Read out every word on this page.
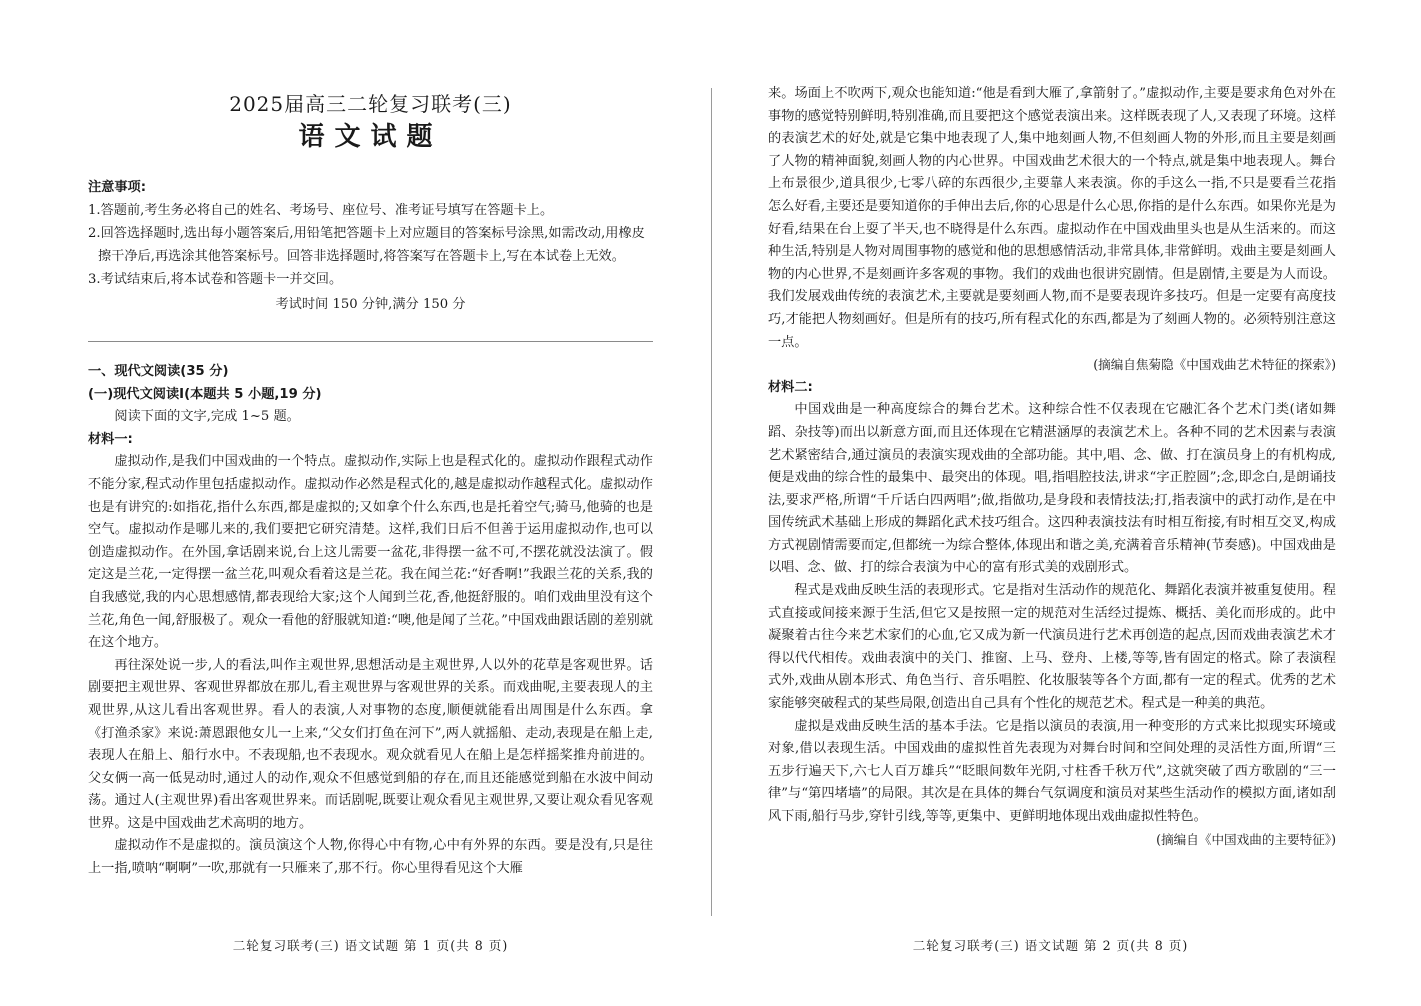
2025届高三二轮复习联考(三)
语文试题
注意事项:
1.答题前,考生务必将自己的姓名、考场号、座位号、准考证号填写在答题卡上。
2.回答选择题时,选出每小题答案后,用铅笔把答题卡上对应题目的答案标号涂黑,如需改动,用橡皮擦干净后,再选涂其他答案标号。回答非选择题时,将答案写在答题卡上,写在本试卷上无效。
3.考试结束后,将本试卷和答题卡一并交回。
考试时间 150 分钟,满分 150 分

一、现代文阅读(35 分)

(一)现代文阅读Ⅰ(本题共 5 小题,19 分)

阅读下面的文字,完成 1~5 题。

材料一:

虚拟动作,是我们中国戏曲的一个特点。虚拟动作,实际上也是程式化的。虚拟动作跟程式动作不能分家,程式动作里包括虚拟动作。虚拟动作必然是程式化的,越是虚拟动作越程式化。虚拟动作也是有讲究的:如指花,指什么东西,都是虚拟的;又如拿个什么东西,也是托着空气;骑马,他骑的也是空气。虚拟动作是哪儿来的,我们要把它研究清楚。这样,我们日后不但善于运用虚拟动作,也可以创造虚拟动作。在外国,拿话剧来说,台上这儿需要一盆花,非得摆一盆不可,不摆花就没法演了。假定这是兰花,一定得摆一盆兰花,叫观众看着这是兰花。我在闻兰花:“好香啊!”我跟兰花的关系,我的自我感觉,我的内心思想感情,都表现给大家;这个人闻到兰花,香,他挺舒服的。咱们戏曲里没有这个兰花,角色一闻,舒服极了。观众一看他的舒服就知道:“噢,他是闻了兰花。”中国戏曲跟话剧的差别就在这个地方。

再往深处说一步,人的看法,叫作主观世界,思想活动是主观世界,人以外的花草是客观世界。话剧要把主观世界、客观世界都放在那儿,看主观世界与客观世界的关系。而戏曲呢,主要表现人的主观世界,从这儿看出客观世界。看人的表演,人对事物的态度,顺便就能看出周围是什么东西。拿《打渔杀家》来说:萧恩跟他女儿一上来,“父女们打鱼在河下”,两人就摇船、走动,表现是在船上走,表现人在船上、船行水中。不表现船,也不表现水。观众就看见人在船上是怎样摇桨推舟前进的。父女俩一高一低晃动时,通过人的动作,观众不但感觉到船的存在,而且还能感觉到船在水波中间动荡。通过人(主观世界)看出客观世界来。而话剧呢,既要让观众看见主观世界,又要让观众看见客观世界。这是中国戏曲艺术高明的地方。

虚拟动作不是虚拟的。演员演这个人物,你得心中有物,心中有外界的东西。要是没有,只是往上一指,喷呐“啊啊”一吹,那就有一只雁来了,那不行。你心里得看见这个大雁

二轮复习联考(三) 语文试题 第 1 页(共 8 页)

来。场面上不吹两下,观众也能知道:“他是看到大雁了,拿箭射了。”虚拟动作,主要是要求角色对外在事物的感觉特别鲜明,特别准确,而且要把这个感觉表演出来。这样既表现了人,又表现了环境。这样的表演艺术的好处,就是它集中地表现了人,集中地刻画人物,不但刻画人物的外形,而且主要是刻画了人物的精神面貌,刻画人物的内心世界。中国戏曲艺术很大的一个特点,就是集中地表现人。舞台上布景很少,道具很少,七零八碎的东西很少,主要靠人来表演。你的手这么一指,不只是要看兰花指怎么好看,主要还是要知道你的手伸出去后,你的心思是什么心思,你指的是什么东西。如果你光是为好看,结果在台上耍了半天,也不晓得是什么东西。虚拟动作在中国戏曲里头也是从生活来的。而这种生活,特别是人物对周围事物的感觉和他的思想感情活动,非常具体,非常鲜明。戏曲主要是刻画人物的内心世界,不是刻画许多客观的事物。我们的戏曲也很讲究剧情。但是剧情,主要是为人而设。我们发展戏曲传统的表演艺术,主要就是要刻画人物,而不是要表现许多技巧。但是一定要有高度技巧,才能把人物刻画好。但是所有的技巧,所有程式化的东西,都是为了刻画人物的。必须特别注意这一点。

(摘编自焦菊隐《中国戏曲艺术特征的探索》)

材料二:

中国戏曲是一种高度综合的舞台艺术。这种综合性不仅表现在它融汇各个艺术门类(诸如舞蹈、杂技等)而出以新意方面,而且还体现在它精湛涵厚的表演艺术上。各种不同的艺术因素与表演艺术紧密结合,通过演员的表演实现戏曲的全部功能。其中,唱、念、做、打在演员身上的有机构成,便是戏曲的综合性的最集中、最突出的体现。唱,指唱腔技法,讲求“字正腔圆”;念,即念白,是朗诵技法,要求严格,所谓“千斤话白四两唱”;做,指做功,是身段和表情技法;打,指表演中的武打动作,是在中国传统武术基础上形成的舞蹈化武术技巧组合。这四种表演技法有时相互衔接,有时相互交叉,构成方式视剧情需要而定,但都统一为综合整体,体现出和谐之美,充满着音乐精神(节奏感)。中国戏曲是以唱、念、做、打的综合表演为中心的富有形式美的戏剧形式。

程式是戏曲反映生活的表现形式。它是指对生活动作的规范化、舞蹈化表演并被重复使用。程式直接或间接来源于生活,但它又是按照一定的规范对生活经过提炼、概括、美化而形成的。此中凝聚着古往今来艺术家们的心血,它又成为新一代演员进行艺术再创造的起点,因而戏曲表演艺术才得以代代相传。戏曲表演中的关门、推窗、上马、登舟、上楼,等等,皆有固定的格式。除了表演程式外,戏曲从剧本形式、角色当行、音乐唱腔、化妆服装等各个方面,都有一定的程式。优秀的艺术家能够突破程式的某些局限,创造出自己具有个性化的规范艺术。程式是一种美的典范。

虚拟是戏曲反映生活的基本手法。它是指以演员的表演,用一种变形的方式来比拟现实环境或对象,借以表现生活。中国戏曲的虚拟性首先表现为对舞台时间和空间处理的灵活性方面,所谓“三五步行遍天下,六七人百万雄兵”“眨眼间数年光阴,寸柱香千秋万代”,这就突破了西方歌剧的“三一律”与“第四堵墙”的局限。其次是在具体的舞台气氛调度和演员对某些生活动作的模拟方面,诸如刮风下雨,船行马步,穿针引线,等等,更集中、更鲜明地体现出戏曲虚拟性特色。

(摘编自《中国戏曲的主要特征》)

二轮复习联考(三) 语文试题 第 2 页(共 8 页)
